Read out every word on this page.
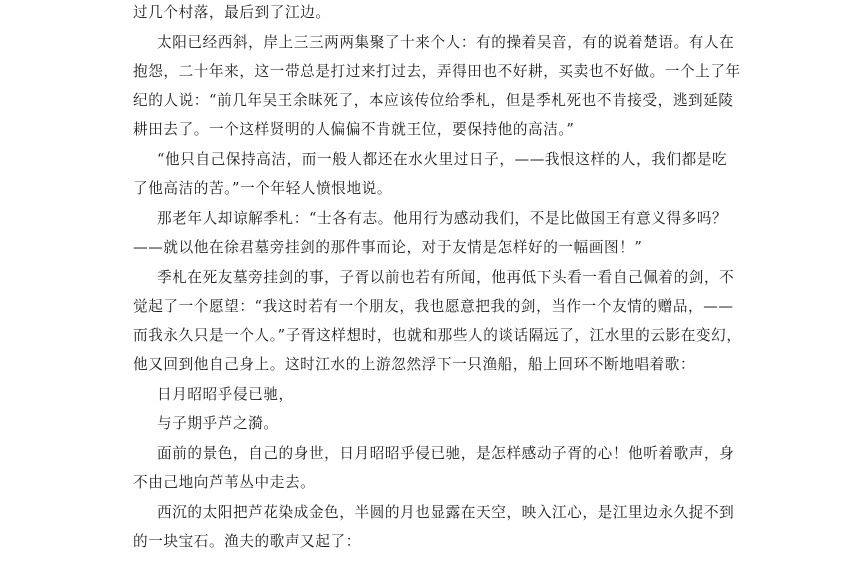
过几个村落，最后到了江边。
太阳已经西斜，岸上三三两两集聚了十来个人：有的操着吴音，有的说着楚语。有人在
抱怨，二十年来，这一带总是打过来打过去，弄得田也不好耕，买卖也不好做。一个上了年
纪的人说：“前几年吴王余昧死了，本应该传位给季札，但是季札死也不肯接受，逃到延陵
耕田去了。一个这样贤明的人偏偏不肯就王位，要保持他的高洁。”
“他只自己保持高洁，而一般人都还在水火里过日子，——我恨这样的人，我们都是吃
了他高洁的苦。”一个年轻人愤恨地说。
那老年人却谅解季札：“士各有志。他用行为感动我们，不是比做国王有意义得多吗？
——就以他在徐君墓旁挂剑的那件事而论，对于友情是怎样好的一幅画图！”
季札在死友墓旁挂剑的事，子胥以前也若有所闻，他再低下头看一看自己佩着的剑，不
觉起了一个愿望：“我这时若有一个朋友，我也愿意把我的剑，当作一个友情的赠品，——
而我永久只是一个人。”子胥这样想时，也就和那些人的谈话隔远了，江水里的云影在变幻，
他又回到他自己身上。这时江水的上游忽然浮下一只渔船，船上回环不断地唱着歌：
日月昭昭乎侵已驰，
与子期乎芦之漪。
面前的景色，自己的身世，日月昭昭乎侵已驰，是怎样感动子胥的心！他听着歌声，身
不由己地向芦苇丛中走去。
西沉的太阳把芦花染成金色，半圆的月也显露在天空，映入江心，是江里边永久捉不到
的一块宝石。渔夫的歌声又起了：
